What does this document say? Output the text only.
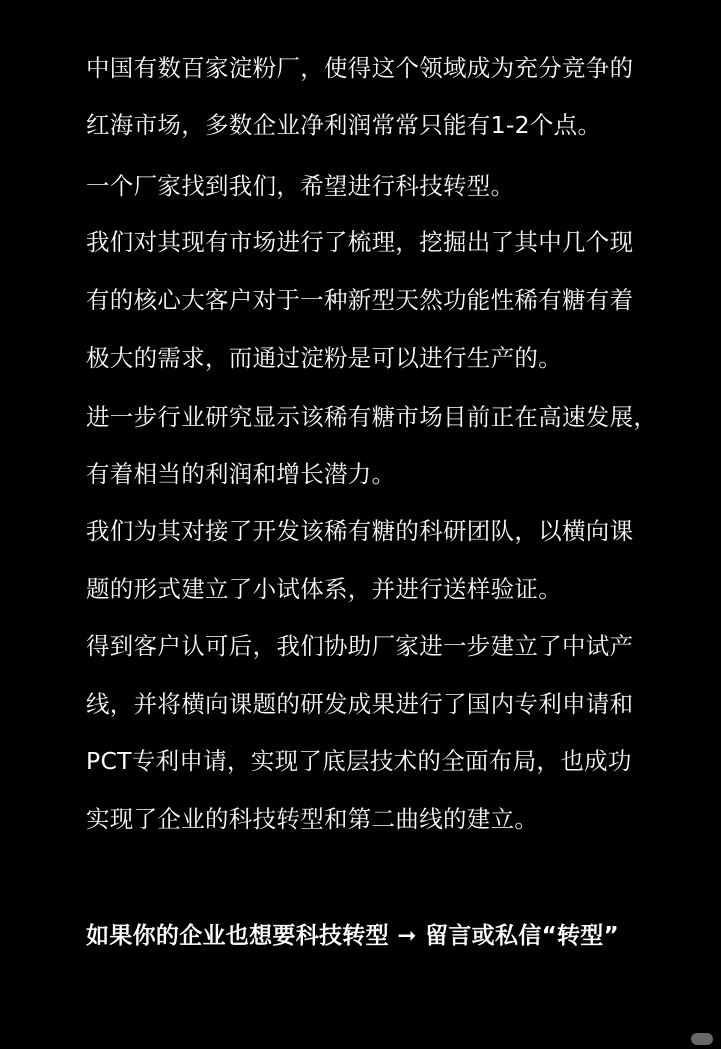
中国有数百家淀粉厂，使得这个领域成为充分竞争的
红海市场，多数企业净利润常常只能有1-2个点。
一个厂家找到我们，希望进行科技转型。
我们对其现有市场进行了梳理，挖掘出了其中几个现
有的核心大客户对于一种新型天然功能性稀有糖有着
极大的需求，而通过淀粉是可以进行生产的。
进一步行业研究显示该稀有糖市场目前正在高速发展，
有着相当的利润和增长潜力。
我们为其对接了开发该稀有糖的科研团队，以横向课
题的形式建立了小试体系，并进行送样验证。
得到客户认可后，我们协助厂家进一步建立了中试产
线，并将横向课题的研发成果进行了国内专利申请和
PCT专利申请，实现了底层技术的全面布局，也成功
实现了企业的科技转型和第二曲线的建立。
如果你的企业也想要科技转型 ➞ 留言或私信“转型”
